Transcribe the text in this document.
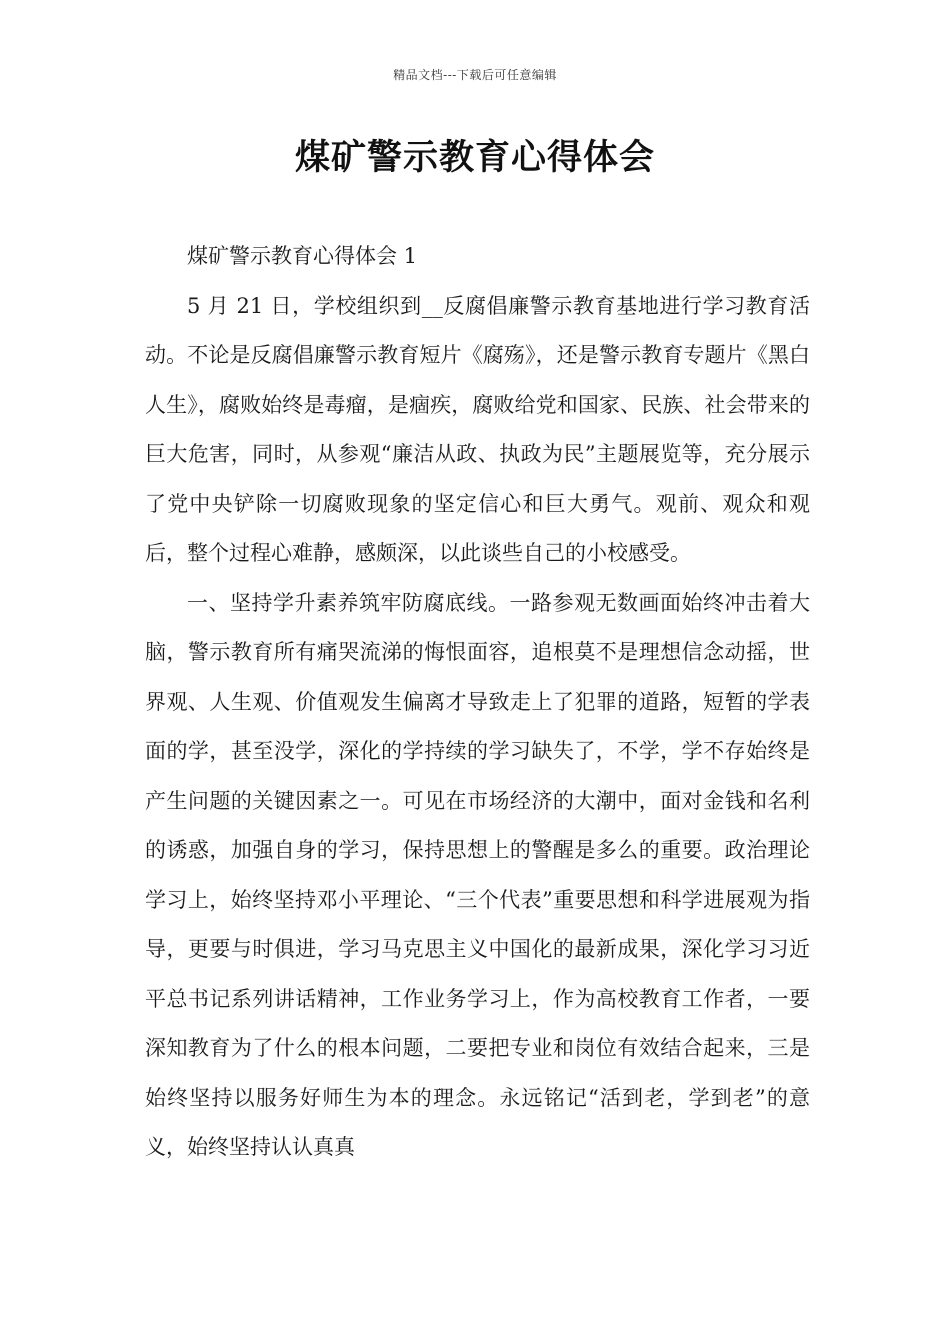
精品文档---下载后可任意编辑
煤矿警示教育心得体会

煤矿警示教育心得体会 1

5 月 21 日，学校组织到__反腐倡廉警示教育基地进行学习教育活动。不论是反腐倡廉警示教育短片《腐殇》，还是警示教育专题片《黑白人生》，腐败始终是毒瘤，是痼疾，腐败给党和国家、民族、社会带来的巨大危害，同时，从参观“廉洁从政、执政为民”主题展览等，充分展示了党中央铲除一切腐败现象的坚定信心和巨大勇气。观前、观众和观后，整个过程心难静，感颇深，以此谈些自己的小校感受。

一、坚持学升素养筑牢防腐底线。一路参观无数画面始终冲击着大脑，警示教育所有痛哭流涕的悔恨面容，追根莫不是理想信念动摇，世界观、人生观、价值观发生偏离才导致走上了犯罪的道路，短暂的学表面的学，甚至没学，深化的学持续的学习缺失了，不学，学不存始终是产生问题的关键因素之一。可见在市场经济的大潮中，面对金钱和名利的诱惑，加强自身的学习，保持思想上的警醒是多么的重要。政治理论学习上，始终坚持邓小平理论、“三个代表”重要思想和科学进展观为指导，更要与时俱进，学习马克思主义中国化的最新成果，深化学习习近平总书记系列讲话精神，工作业务学习上，作为高校教育工作者，一要深知教育为了什么的根本问题，二要把专业和岗位有效结合起来，三是始终坚持以服务好师生为本的理念。永远铭记“活到老，学到老”的意义，始终坚持认认真真
